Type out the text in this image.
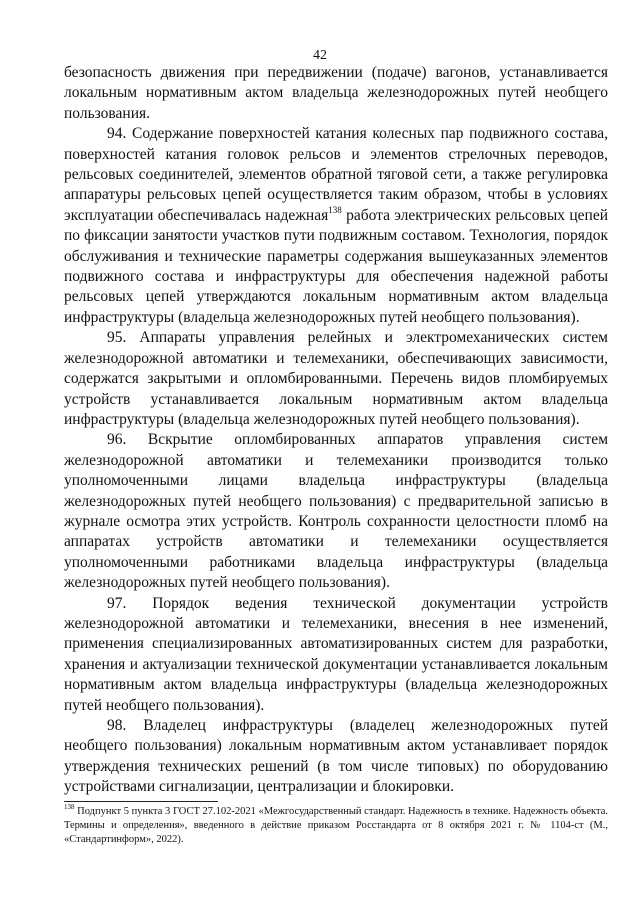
42

безопасность движения при передвижении (подаче) вагонов, устанавливается локальным нормативным актом владельца железнодорожных путей необщего пользования.

94. Содержание поверхностей катания колесных пар подвижного состава, поверхностей катания головок рельсов и элементов стрелочных переводов, рельсовых соединителей, элементов обратной тяговой сети, а также регулировка аппаратуры рельсовых цепей осуществляется таким образом, чтобы в условиях эксплуатации обеспечивалась надежная$^{138}$ работа электрических рельсовых цепей по фиксации занятости участков пути подвижным составом. Технология, порядок обслуживания и технические параметры содержания вышеуказанных элементов подвижного состава и инфраструктуры для обеспечения надежной работы рельсовых цепей утверждаются локальным нормативным актом владельца инфраструктуры (владельца железнодорожных путей необщего пользования).

95. Аппараты управления релейных и электромеханических систем железнодорожной автоматики и телемеханики, обеспечивающих зависимости, содержатся закрытыми и опломбированными. Перечень видов пломбируемых устройств устанавливается локальным нормативным актом владельца инфраструктуры (владельца железнодорожных путей необщего пользования).

96. Вскрытие опломбированных аппаратов управления систем железнодорожной автоматики и телемеханики производится только уполномоченными лицами владельца инфраструктуры (владельца железнодорожных путей необщего пользования) с предварительной записью в журнале осмотра этих устройств. Контроль сохранности целостности пломб на аппаратах устройств автоматики и телемеханики осуществляется уполномоченными работниками владельца инфраструктуры (владельца железнодорожных путей необщего пользования).

97. Порядок ведения технической документации устройств железнодорожной автоматики и телемеханики, внесения в нее изменений, применения специализированных автоматизированных систем для разработки, хранения и актуализации технической документации устанавливается локальным нормативным актом владельца инфраструктуры (владельца железнодорожных путей необщего пользования).

98. Владелец инфраструктуры (владелец железнодорожных путей необщего пользования) локальным нормативным актом устанавливает порядок утверждения технических решений (в том числе типовых) по оборудованию устройствами сигнализации, централизации и блокировки.

$^{138}$ Подпункт 5 пункта 3 ГОСТ 27.102-2021 «Межгосударственный стандарт. Надежность в технике. Надежность объекта. Термины и определения», введенного в действие приказом Росстандарта от 8 октября 2021 г. № 1104-ст (М., «Стандартинформ», 2022).
